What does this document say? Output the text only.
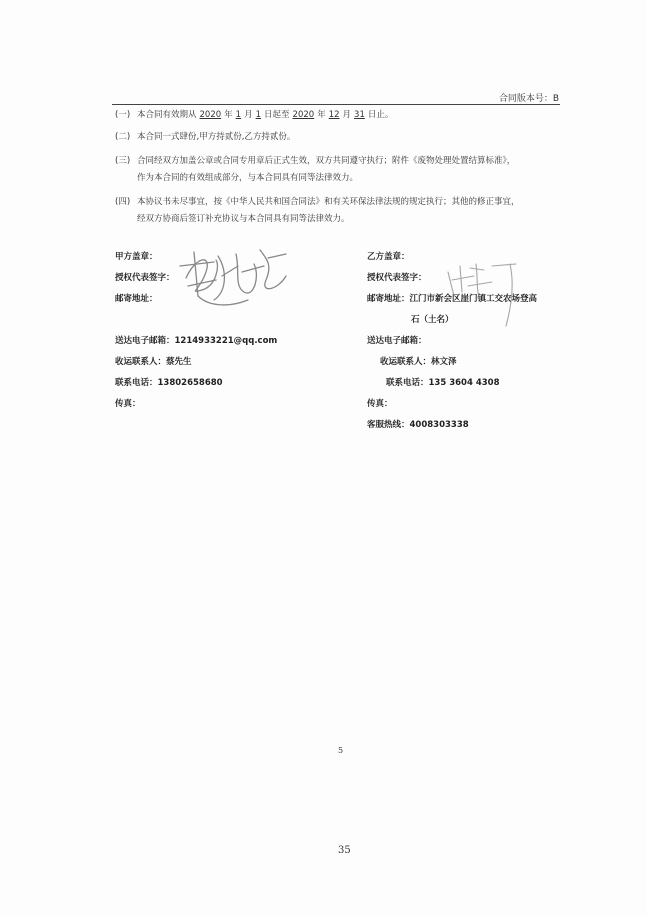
合同版本号：B
(一) 本合同有效期从 2020 年 1 月 1 日起至 2020 年 12 月 31 日止。
(二) 本合同一式肆份,甲方持贰份,乙方持贰份。
(三) 合同经双方加盖公章或合同专用章后正式生效，双方共同遵守执行；附件《废物处理处置结算标准》，
作为本合同的有效组成部分，与本合同具有同等法律效力。
(四) 本协议书未尽事宜，按《中华人民共和国合同法》和有关环保法律法规的规定执行；其他的修正事宜，
经双方协商后签订补充协议与本合同具有同等法律效力。
甲方盖章：
授权代表签字：
邮寄地址：
送达电子邮箱：1214933221@qq.com
收运联系人：蔡先生
联系电话：13802658680
传真：
乙方盖章：
授权代表签字：
邮寄地址：江门市新会区崖门镇工交农场登高
石（土名）
送达电子邮箱：
收运联系人：林文泽
联系电话：135 3604 4308
传真：
客服热线：4008303338
5
35
